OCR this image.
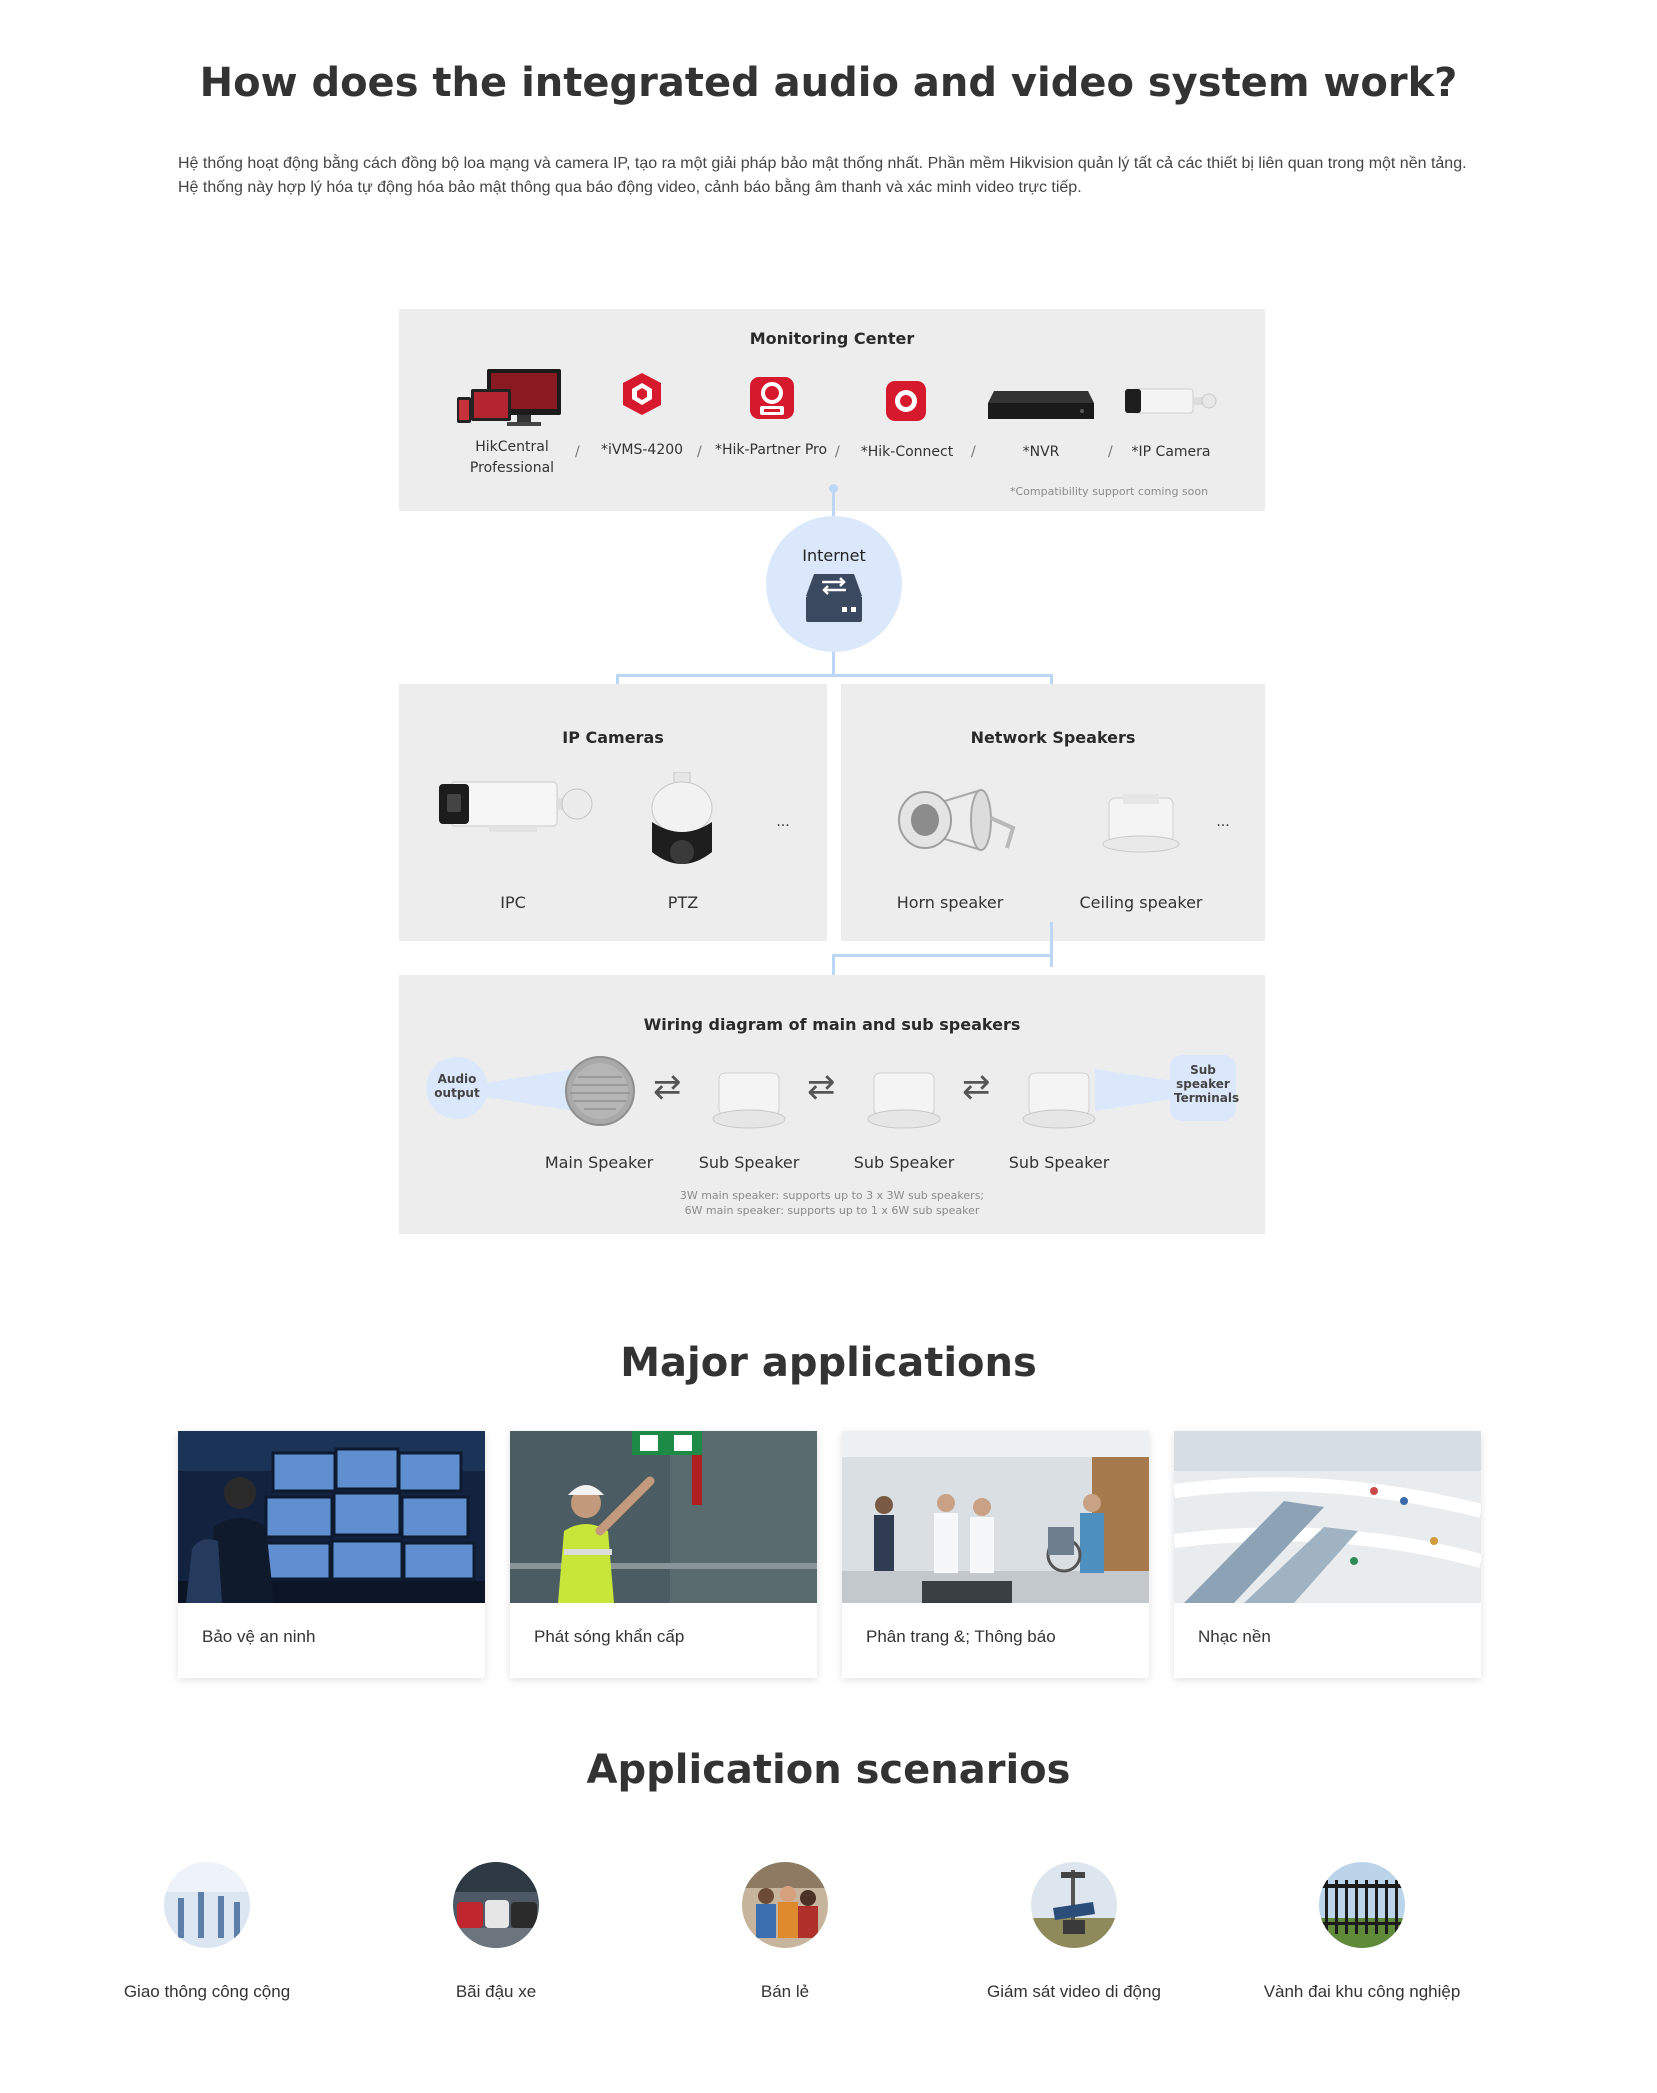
How does the integrated audio and video system work?

Hệ thống hoạt động bằng cách đồng bộ loa mạng và camera IP, tạo ra một giải pháp bảo mật thống nhất. Phần mềm Hikvision quản lý tất cả các thiết bị liên quan trong một nền tảng. Hệ thống này hợp lý hóa tự động hóa bảo mật thông qua báo động video, cảnh báo bằng âm thanh và xác minh video trực tiếp.

Monitoring Center
HikCentral Professional
/ *iVMS-4200 / *Hik-Partner Pro /	*Hik-Connect	/	*NVR	/	*IP Camera
*Compatibility support coming soon
Internet
IP Cameras
...
IPC	PTZ
Network Speakers
...
Horn speaker	Ceiling speaker
Wiring diagram of main and sub speakers
Audio output	⇄	⇄	⇄	Sub speaker Terminals
Main Speaker	Sub Speaker	Sub Speaker	Sub Speaker
3W main speaker: supports up to 3 x 3W sub speakers;
6W main speaker: supports up to 1 x 6W sub speaker
Major applications
Bảo vệ an ninh	Phát sóng khẩn cấp	Phân trang &; Thông báo	Nhạc nền
Application scenarios
Giao thông công cộng	Bãi đậu xe	Bán lẻ	Giám sát video di động	Vành đai khu công nghiệp
